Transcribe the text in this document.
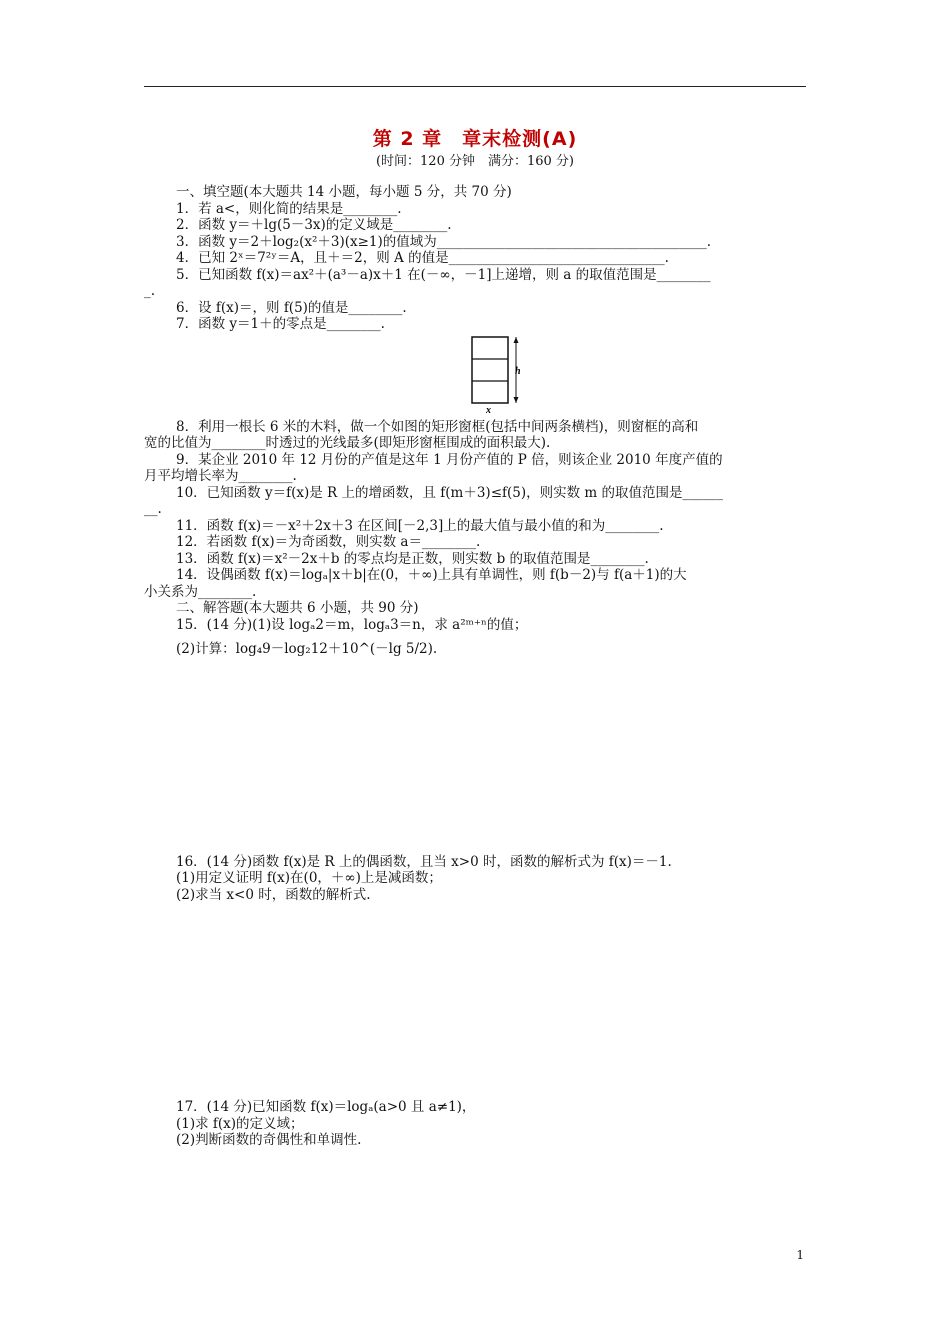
第 2 章　章末检测(A)
(时间：120 分钟　满分：160 分)
一、填空题(本大题共 14 小题，每小题 5 分，共 70 分)
1．若 a<，则化简的结果是________.
2．函数 y＝＋lg(5－3x)的定义域是________.
3．函数 y＝2＋log₂(x²＋3)(x≥1)的值域为________________________________________.
4．已知 2ˣ＝7²ʸ＝A，且＋＝2，则 A 的值是________________________________.
5．已知函数 f(x)＝ax²＋(a³－a)x＋1 在(－∞，－1]上递增，则 a 的取值范围是________
_.
6．设 f(x)＝，则 f(5)的值是________.
7．函数 y＝1＋的零点是________.
h
x
8．利用一根长 6 米的木料，做一个如图的矩形窗框(包括中间两条横档)，则窗框的高和
宽的比值为________时透过的光线最多(即矩形窗框围成的面积最大).
9．某企业 2010 年 12 月份的产值是这年 1 月份产值的 P 倍，则该企业 2010 年度产值的
月平均增长率为________.
10．已知函数 y＝f(x)是 R 上的增函数，且 f(m＋3)≤f(5)，则实数 m 的取值范围是______
__.
11．函数 f(x)＝－x²＋2x＋3 在区间[－2,3]上的最大值与最小值的和为________.
12．若函数 f(x)＝为奇函数，则实数 a＝________.
13．函数 f(x)＝x²－2x＋b 的零点均是正数，则实数 b 的取值范围是________.
14．设偶函数 f(x)＝logₐ|x＋b|在(0，＋∞)上具有单调性，则 f(b－2)与 f(a＋1)的大
小关系为________.
二、解答题(本大题共 6 小题，共 90 分)
15．(14 分)(1)设 logₐ2＝m，logₐ3＝n，求 a²ᵐ⁺ⁿ的值；
(2)计算：log₄9－log₂12＋10^(－lg 5/2).
16．(14 分)函数 f(x)是 R 上的偶函数，且当 x>0 时，函数的解析式为 f(x)＝－1.
(1)用定义证明 f(x)在(0，＋∞)上是减函数；
(2)求当 x<0 时，函数的解析式.
17．(14 分)已知函数 f(x)＝logₐ(a>0 且 a≠1)，
(1)求 f(x)的定义域；
(2)判断函数的奇偶性和单调性.
1
